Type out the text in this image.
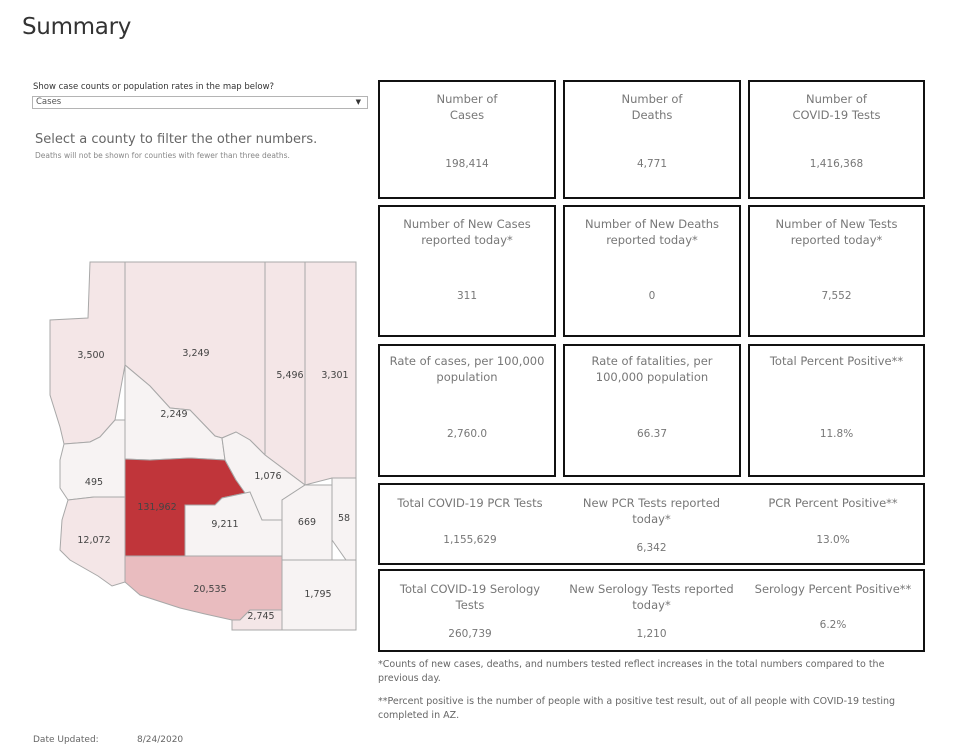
Summary
Show case counts or population rates in the map below?
Cases	▼
Select a county to filter the other numbers.
Deaths will not be shown for counties with fewer than three deaths.
3,500	3,249
5,496 3,301
2,249
495
131,962
1,076
12,072
9,211	669 58
20,535
2,745
1,795
Number of
Cases
198,414
Number of
Deaths
4,771
Number of
COVID-19 Tests
1,416,368
Number of New Cases
reported today*
311
Number of New Deaths
reported today*
0
Number of New Tests
reported today*
7,552
Rate of cases, per 100,000
population
2,760.0
Rate of fatalities, per
100,000 population
66.37
Total Percent Positive**
11.8%
Total COVID-19 PCR Tests
1,155,629
New PCR Tests reported
today*
6,342
PCR Percent Positive**
13.0%
Total COVID-19 Serology
Tests
260,739
New Serology Tests reported
today*
1,210
Serology Percent Positive**
6.2%
*Counts of new cases, deaths, and numbers tested reflect increases in the total numbers compared to the previous day.
**Percent positive is the number of people with a positive test result, out of all people with COVID-19 testing completed in AZ.
Date Updated:	8/24/2020
